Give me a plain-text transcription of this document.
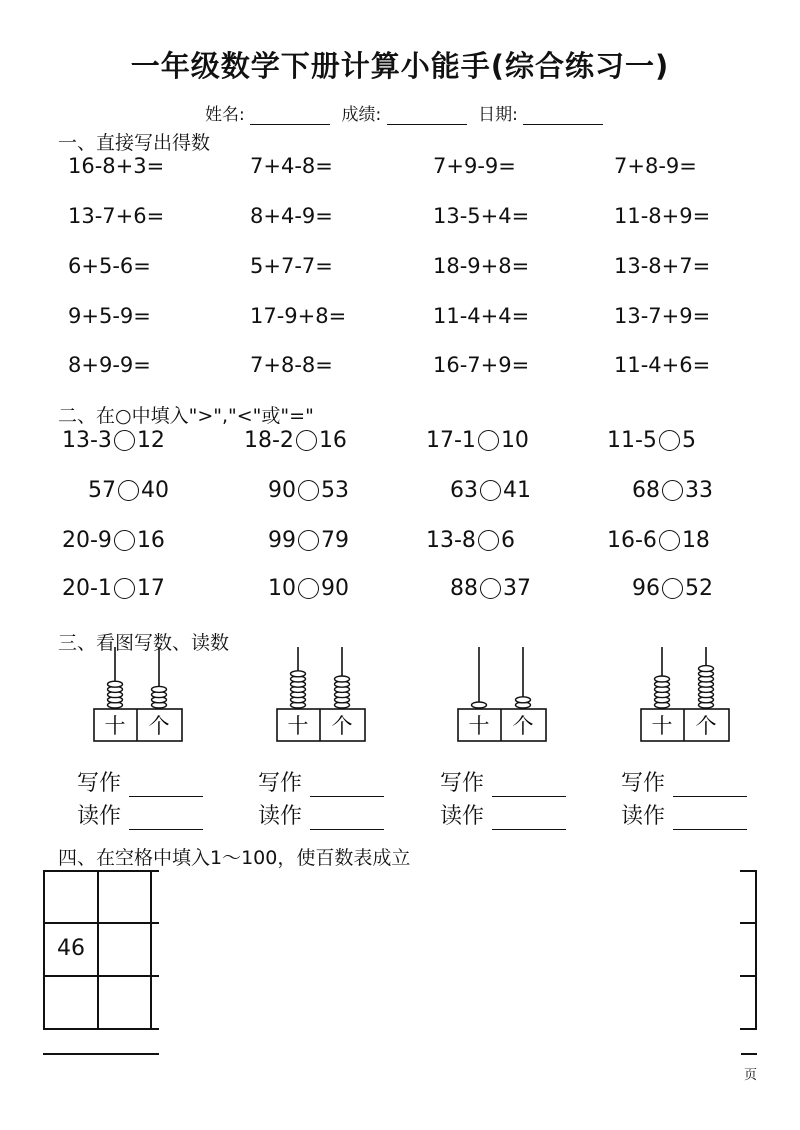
一年级数学下册计算小能手(综合练习一)
姓名:	成绩:	日期:
一、直接写出得数
16-8+3=	7+4-8=	7+9-9=	7+8-9=
13-7+6=	8+4-9=	13-5+4=	11-8+9=
6+5-6=	5+7-7=	18-9+8=	13-8+7=
9+5-9=	17-9+8=	11-4+4=	13-7+9=
8+9-9=	7+8-8=	16-7+9=	11-4+6=
二、在○中填入">","<"或"="
13-3 12	18-2 16	17-1 10	11-5 5
57 40	90 53	63 41	68 33
20-9 16	99 79	13-8 6	16-6 18
20-1 17	10 90	88 37	96 52
三、看图写数、读数
十 个
写作
读作
十 个
写作
读作
十 个
写作
读作
十 个
写作
读作
四、在空格中填入1～100，使百数表成立
46
页
